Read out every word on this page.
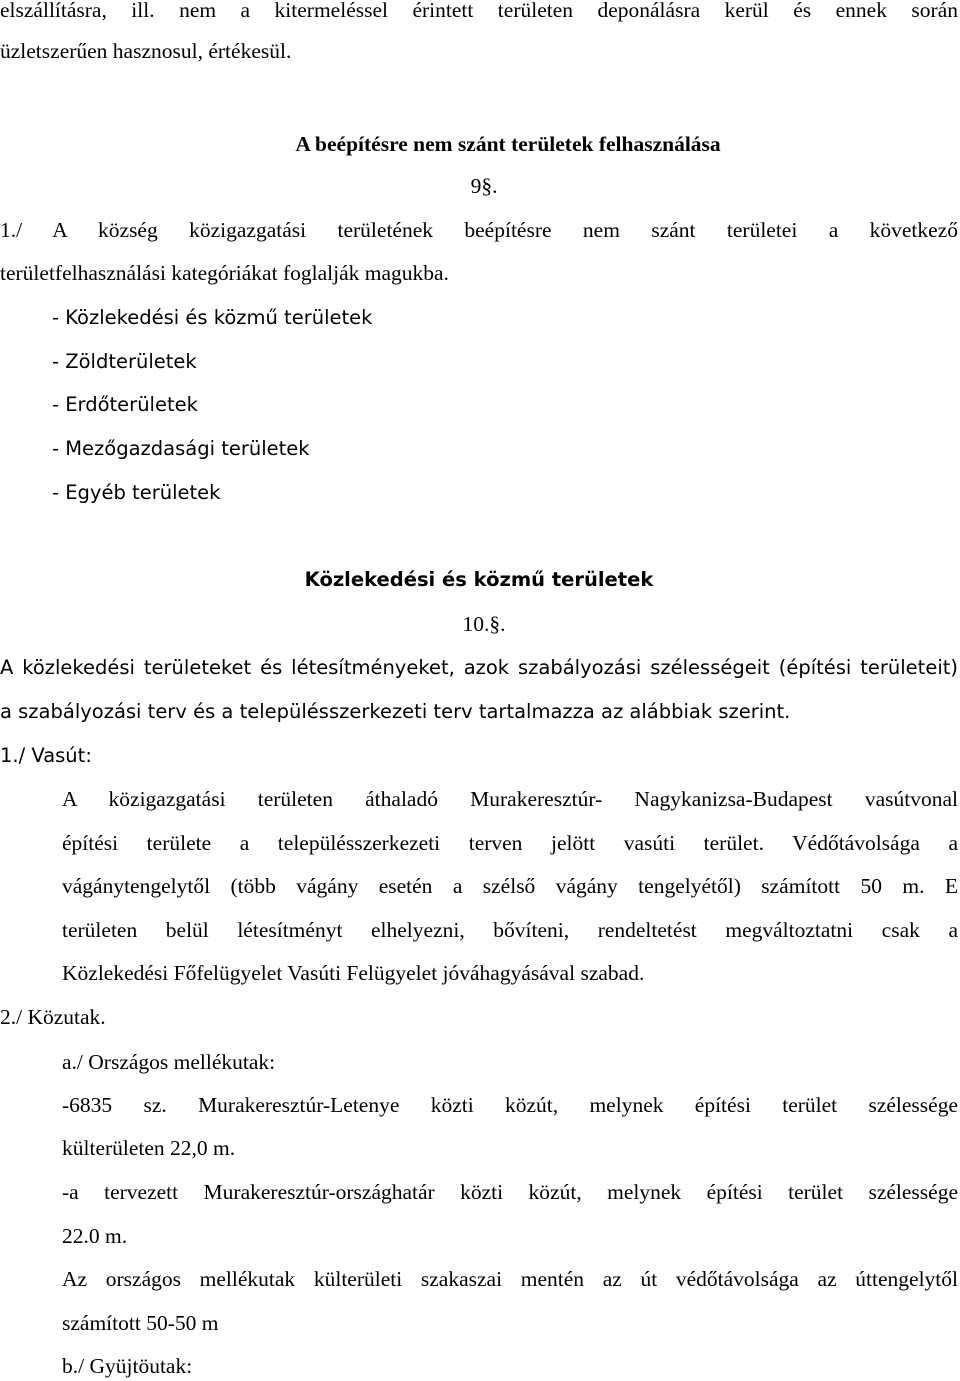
elszállításra, ill. nem a kitermeléssel érintett területen deponálásra kerül és ennek során
üzletszerűen hasznosul, értékesül.
A beépítésre nem szánt területek felhasználása
9§.
1./ A község közigazgatási területének beépítésre nem szánt területei a következő
területfelhasználási kategóriákat foglalják magukba.
- Közlekedési és közmű területek
- Zöldterületek
- Erdőterületek
- Mezőgazdasági területek
- Egyéb területek
Közlekedési és közmű területek
10.§.
A közlekedési területeket és létesítményeket, azok szabályozási szélességeit (építési területeit)
a szabályozási terv és a településszerkezeti terv tartalmazza az alábbiak szerint.
1./ Vasút:
A közigazgatási területen áthaladó Murakeresztúr- Nagykanizsa-Budapest vasútvonal
építési területe a településszerkezeti terven jelött vasúti terület. Védőtávolsága a
vágánytengelytől (több vágány esetén a szélső vágány tengelyétől) számított 50 m. E
területen belül létesítményt elhelyezni, bővíteni, rendeltetést megváltoztatni csak a
Közlekedési Főfelügyelet Vasúti Felügyelet jóváhagyásával szabad.
2./ Közutak.
a./ Országos mellékutak:
-6835 sz. Murakeresztúr-Letenye közti közút, melynek építési terület szélessége
külterületen 22,0 m.
-a tervezett Murakeresztúr-országhatár közti közút, melynek építési terület szélessége
22.0 m.
Az országos mellékutak külterületi szakaszai mentén az út védőtávolsága az úttengelytől
számított 50-50 m
b./ Gyüjtöutak:
